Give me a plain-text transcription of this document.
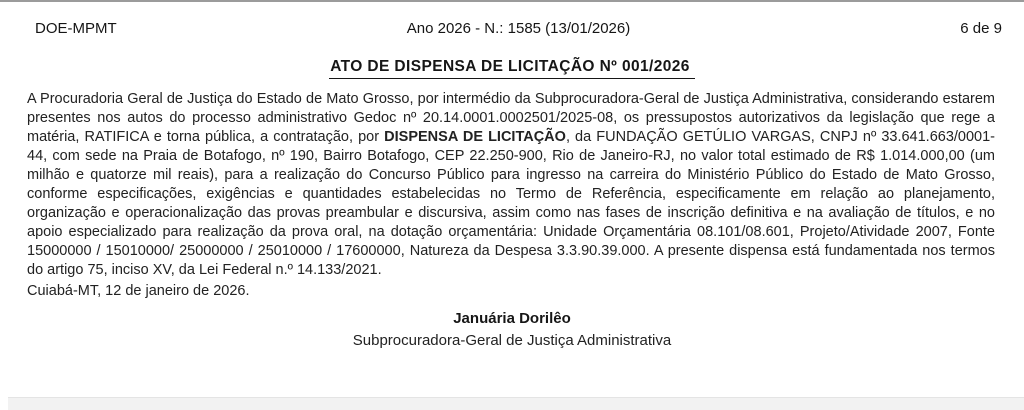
DOE-MPMT	Ano 2026 - N.: 1585 (13/01/2026)	6 de 9
ATO DE DISPENSA DE LICITAÇÃO Nº 001/2026

A Procuradoria Geral de Justiça do Estado de Mato Grosso, por intermédio da Subprocuradora-Geral de Justiça Administrativa, considerando estarem presentes nos autos do processo administrativo Gedoc nº 20.14.0001.0002501/2025-08, os pressupostos autorizativos da legislação que rege a matéria, RATIFICA e torna pública, a contratação, por DISPENSA DE LICITAÇÃO, da FUNDAÇÃO GETÚLIO VARGAS, CNPJ nº 33.641.663/0001-44, com sede na Praia de Botafogo, nº 190, Bairro Botafogo, CEP 22.250-900, Rio de Janeiro-RJ, no valor total estimado de R$ 1.014.000,00 (um milhão e quatorze mil reais), para a realização do Concurso Público para ingresso na carreira do Ministério Público do Estado de Mato Grosso, conforme especificações, exigências e quantidades estabelecidas no Termo de Referência, especificamente em relação ao planejamento, organização e operacionalização das provas preambular e discursiva, assim como nas fases de inscrição definitiva e na avaliação de títulos, e no apoio especializado para realização da prova oral, na dotação orçamentária: Unidade Orçamentária 08.101/08.601, Projeto/Atividade 2007, Fonte 15000000 / 15010000/ 25000000 / 25010000 / 17600000, Natureza da Despesa 3.3.90.39.000. A presente dispensa está fundamentada nos termos do artigo 75, inciso XV, da Lei Federal n.º 14.133/2021.

Cuiabá-MT, 12 de janeiro de 2026.

Januária Dorilêo
Subprocuradora-Geral de Justiça Administrativa
